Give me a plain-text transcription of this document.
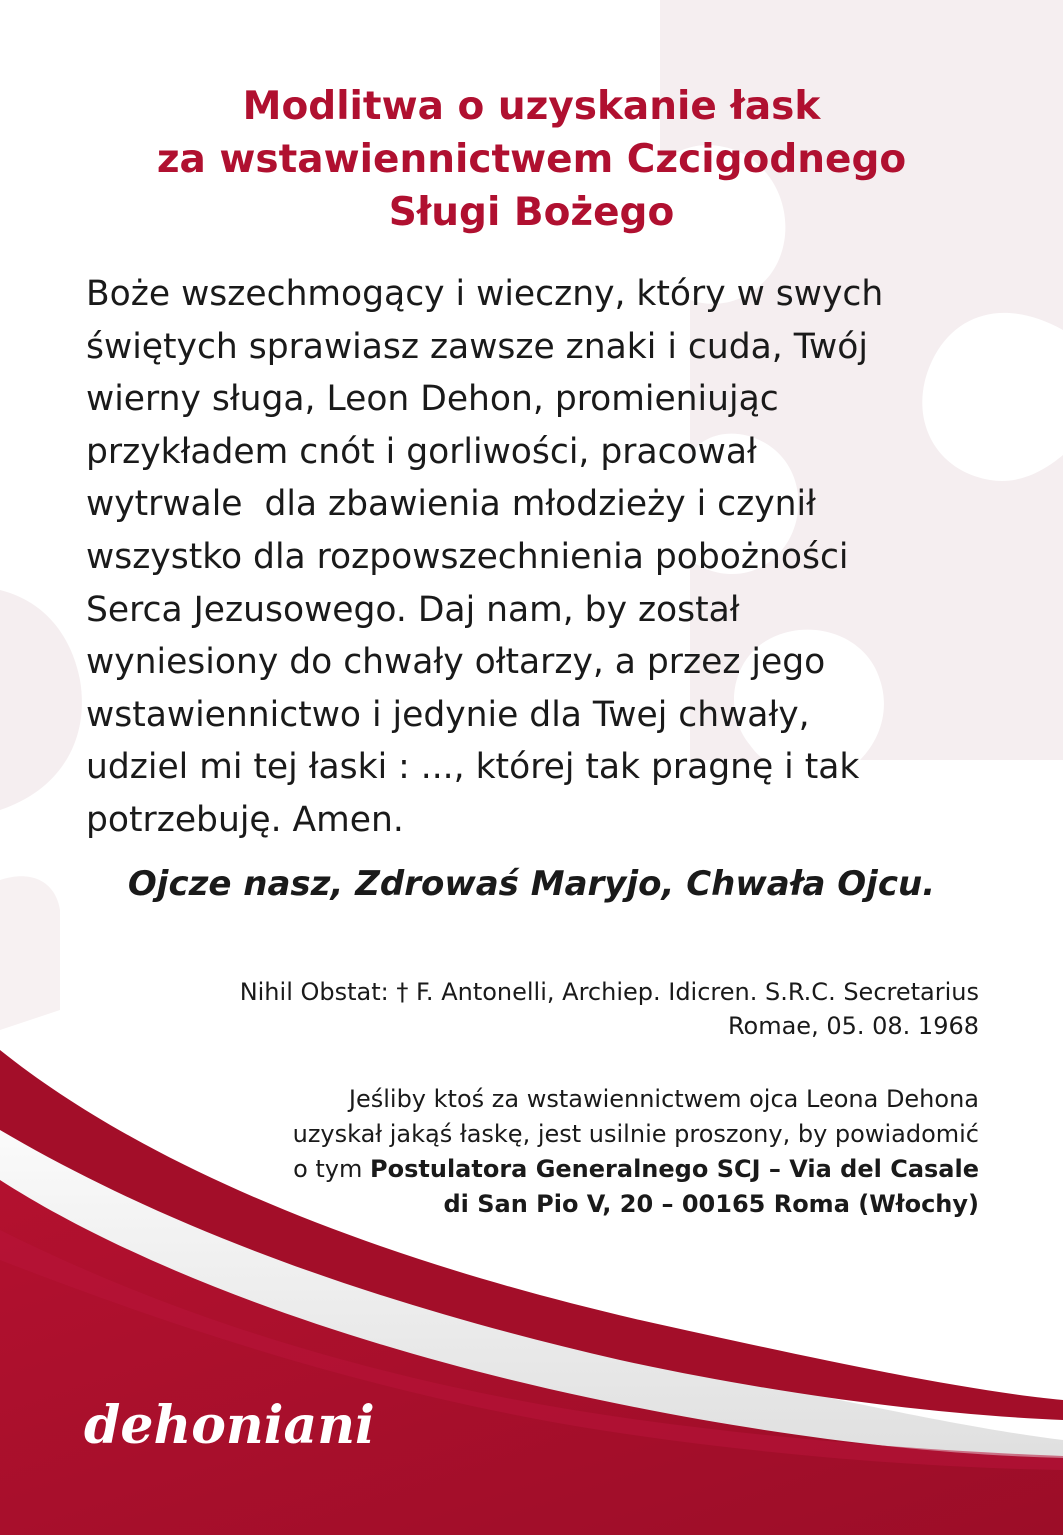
Modlitwa o uzyskanie łask
za wstawiennictwem Czcigodnego
Sługi Bożego

Boże wszechmogący i wieczny, który w swych
świętych sprawiasz zawsze znaki i cuda, Twój
wierny sługa, Leon Dehon, promieniując
przykładem cnót i gorliwości, pracował
wytrwale  dla zbawienia młodzieży i czynił
wszystko dla rozpowszechnienia pobożności
Serca Jezusowego. Daj nam, by został
wyniesiony do chwały ołtarzy, a przez jego
wstawiennictwo i jedynie dla Twej chwały,
udziel mi tej łaski : ..., której tak pragnę i tak
potrzebuję. Amen.

Ojcze nasz, Zdrowaś Maryjo, Chwała Ojcu.

Nihil Obstat: † F. Antonelli, Archiep. Idicren. S.R.C. Secretarius
Romae, 05. 08. 1968

Jeśliby ktoś za wstawiennictwem ojca Leona Dehona
uzyskał jakąś łaskę, jest usilnie proszony, by powiadomić
o tym Postulatora Generalnego SCJ – Via del Casale
di San Pio V, 20 – 00165 Roma (Włochy)

dehoniani
